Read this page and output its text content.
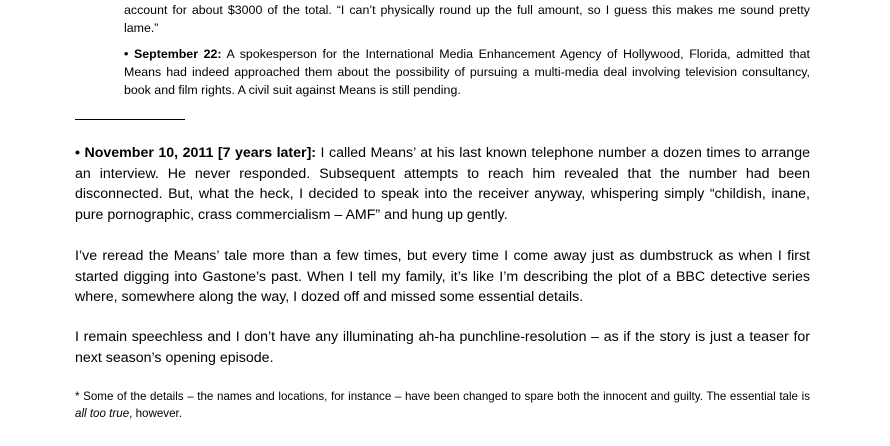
account for about $3000 of the total. “I can’t physically round up the full amount, so I guess this makes me sound pretty lame.”

• September 22: A spokesperson for the International Media Enhancement Agency of Hollywood, Florida, admitted that Means had indeed approached them about the possibility of pursuing a multi-media deal involving television consultancy, book and film rights. A civil suit against Means is still pending.

• November 10, 2011 [7 years later]: I called Means’ at his last known telephone number a dozen times to arrange an interview. He never responded. Subsequent attempts to reach him revealed that the number had been disconnected. But, what the heck, I decided to speak into the receiver anyway, whispering simply “childish, inane, pure pornographic, crass commercialism – AMF” and hung up gently.

I’ve reread the Means’ tale more than a few times, but every time I come away just as dumbstruck as when I first started digging into Gastone’s past. When I tell my family, it’s like I’m describing the plot of a BBC detective series where, somewhere along the way, I dozed off and missed some essential details.

I remain speechless and I don’t have any illuminating ah-ha punchline-resolution – as if the story is just a teaser for next season’s opening episode.

* Some of the details – the names and locations, for instance – have been changed to spare both the innocent and guilty. The essential tale is all too true, however.
